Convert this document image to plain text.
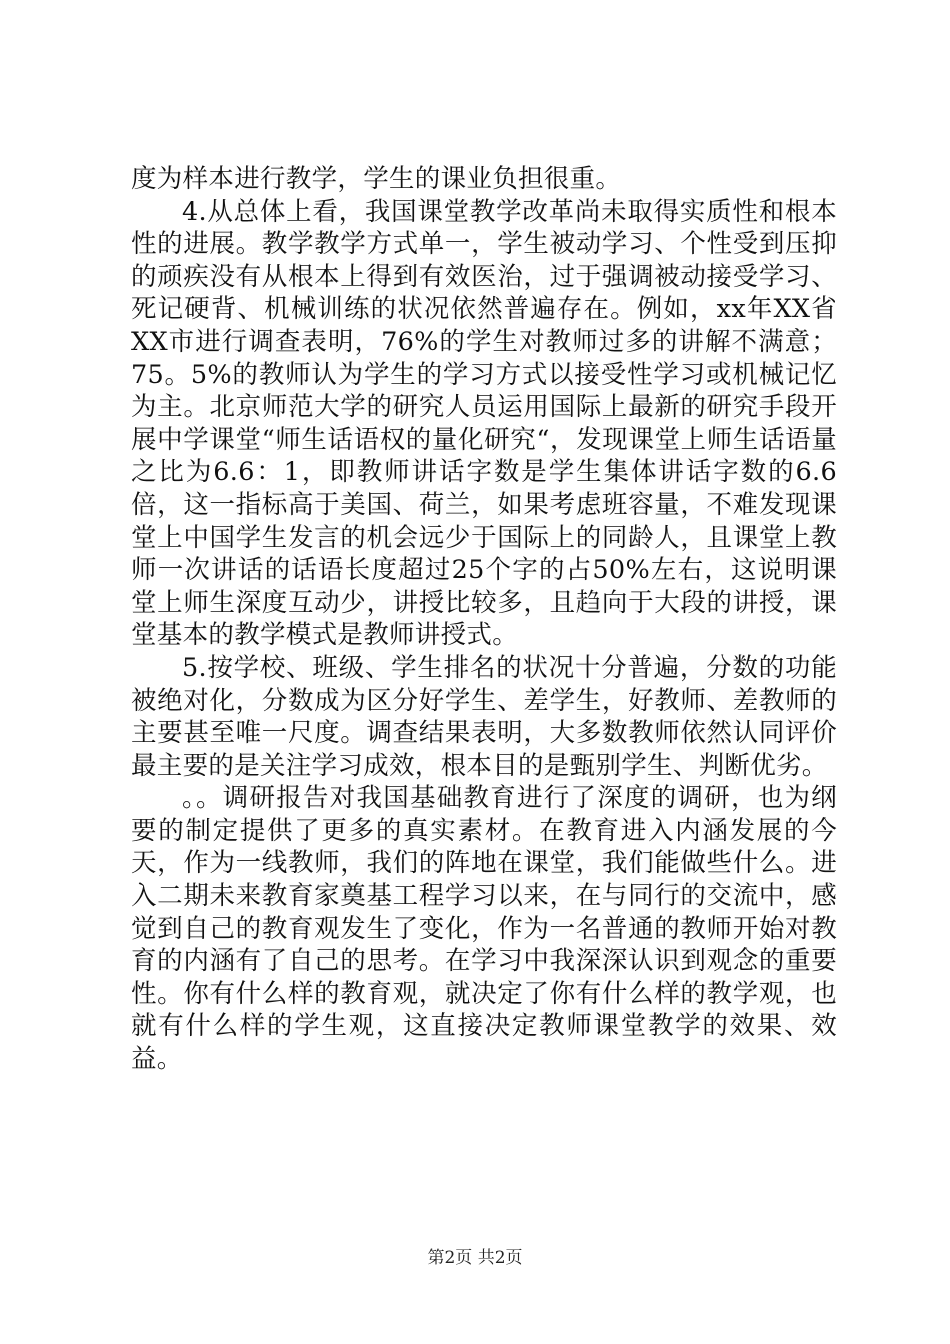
度为样本进行教学，学生的课业负担很重。

4.从总体上看，我国课堂教学改革尚未取得实质性和根本性的进展。教学教学方式单一，学生被动学习、个性受到压抑的顽疾没有从根本上得到有效医治，过于强调被动接受学习、死记硬背、机械训练的状况依然普遍存在。例如，xx年XX省XX市进行调查表明，76%的学生对教师过多的讲解不满意；75。5%的教师认为学生的学习方式以接受性学习或机械记忆为主。北京师范大学的研究人员运用国际上最新的研究手段开展中学课堂“师生话语权的量化研究“，发现课堂上师生话语量之比为6.6：1，即教师讲话字数是学生集体讲话字数的6.6倍，这一指标高于美国、荷兰，如果考虑班容量，不难发现课堂上中国学生发言的机会远少于国际上的同龄人，且课堂上教师一次讲话的话语长度超过25个字的占50%左右，这说明课堂上师生深度互动少，讲授比较多，且趋向于大段的讲授，课堂基本的教学模式是教师讲授式。

5.按学校、班级、学生排名的状况十分普遍，分数的功能被绝对化，分数成为区分好学生、差学生，好教师、差教师的主要甚至唯一尺度。调查结果表明，大多数教师依然认同评价最主要的是关注学习成效，根本目的是甄别学生、判断优劣。

。。调研报告对我国基础教育进行了深度的调研，也为纲要的制定提供了更多的真实素材。在教育进入内涵发展的今天，作为一线教师，我们的阵地在课堂，我们能做些什么。进入二期未来教育家奠基工程学习以来，在与同行的交流中，感觉到自己的教育观发生了变化，作为一名普通的教师开始对教育的内涵有了自己的思考。在学习中我深深认识到观念的重要性。你有什么样的教育观，就决定了你有什么样的教学观，也就有什么样的学生观，这直接决定教师课堂教学的效果、效益。

第2页 共2页
